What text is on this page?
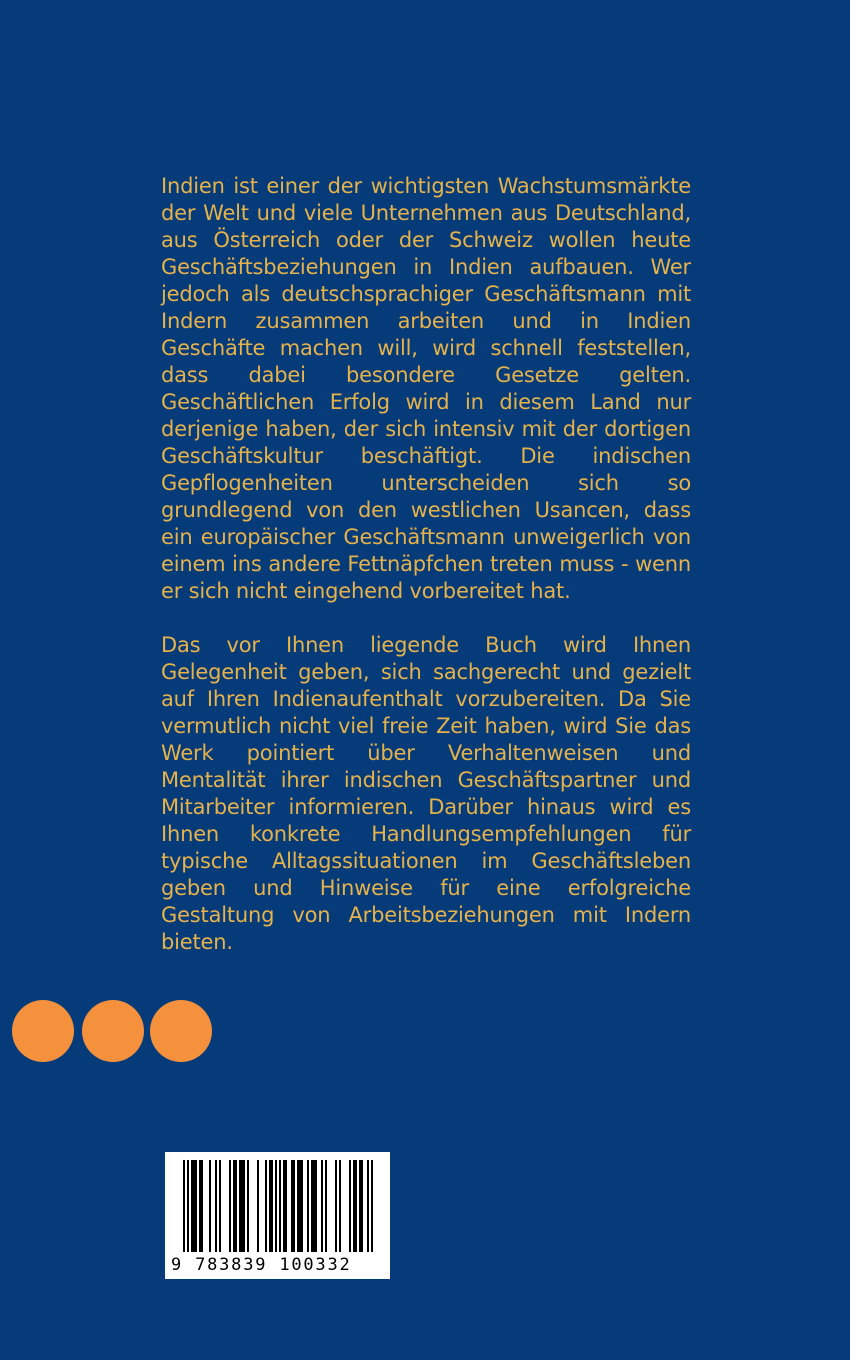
Indien ist einer der wichtigsten Wachstumsmärkte der Welt und viele Unternehmen aus Deutschland, aus Österreich oder der Schweiz wollen heute Geschäftsbeziehungen in Indien aufbauen. Wer jedoch als deutschsprachiger Geschäftsmann mit Indern zusammen arbeiten und in Indien Geschäfte machen will, wird schnell feststellen, dass dabei besondere Gesetze gelten. Geschäftlichen Erfolg wird in diesem Land nur derjenige haben, der sich intensiv mit der dortigen Geschäftskultur beschäftigt. Die indischen Gepflogenheiten unterscheiden sich so grundlegend von den westlichen Usancen, dass ein europäischer Geschäftsmann unweigerlich von einem ins andere Fettnäpfchen treten muss - wenn er sich nicht eingehend vorbereitet hat.

Das vor Ihnen liegende Buch wird Ihnen Gelegenheit geben, sich sachgerecht und gezielt auf Ihren Indienaufenthalt vorzubereiten. Da Sie vermutlich nicht viel freie Zeit haben, wird Sie das Werk pointiert über Verhaltenweisen und Mentalität ihrer indischen Geschäftspartner und Mitarbeiter informieren. Darüber hinaus wird es Ihnen konkrete Handlungsempfehlungen für typische Alltagssituationen im Geschäftsleben geben und Hinweise für eine erfolgreiche Gestaltung von Arbeitsbeziehungen mit Indern bieten.

9 783839 100332
